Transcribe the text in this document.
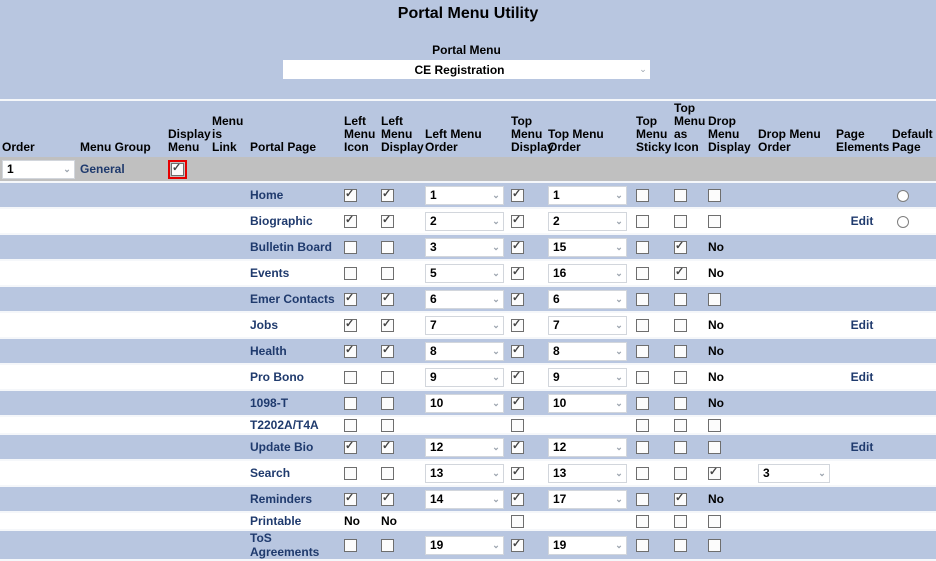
Portal Menu Utility
Portal Menu
CE Registration	⌄
Order	Menu Group	Display Menu	Menu is Link	Portal Page	Left Menu Icon	Left Menu Display	Left Menu Order	Top Menu Display	Top Menu Order	Top Menu Sticky	Top Menu as Icon	Drop Menu Display	Drop Menu Order	Page Elements	Default Page

1 ⌄	General	✓													

				Home	✓	✓	1 ⌄	✓	1 ⌄						

				Biographic	✓	✓	2 ⌄	✓	2 ⌄					Edit	
				Bulletin Board			3 ⌄	✓	15 ⌄		✓	No			
				Events			5 ⌄	✓	16 ⌄		✓	No			
				Emer Contacts	✓	✓	6 ⌄	✓	6 ⌄						

				Jobs	✓	✓	7 ⌄	✓	7 ⌄			No		Edit	
				Health	✓	✓	8 ⌄	✓	8 ⌄			No			
				Pro Bono			9 ⌄	✓	9 ⌄			No		Edit	
				1098-T			10 ⌄	✓	10 ⌄			No			
				T2202A/T4A											
				Update Bio	✓	✓	12 ⌄	✓	12 ⌄					Edit	
				Search			13 ⌄	✓	13 ⌄			✓	3 ⌄		

				Reminders	✓	✓	14 ⌄	✓	17 ⌄		✓	No			
				Printable	No	No									
				ToS Agreements			19 ⌄	✓	19 ⌄						
